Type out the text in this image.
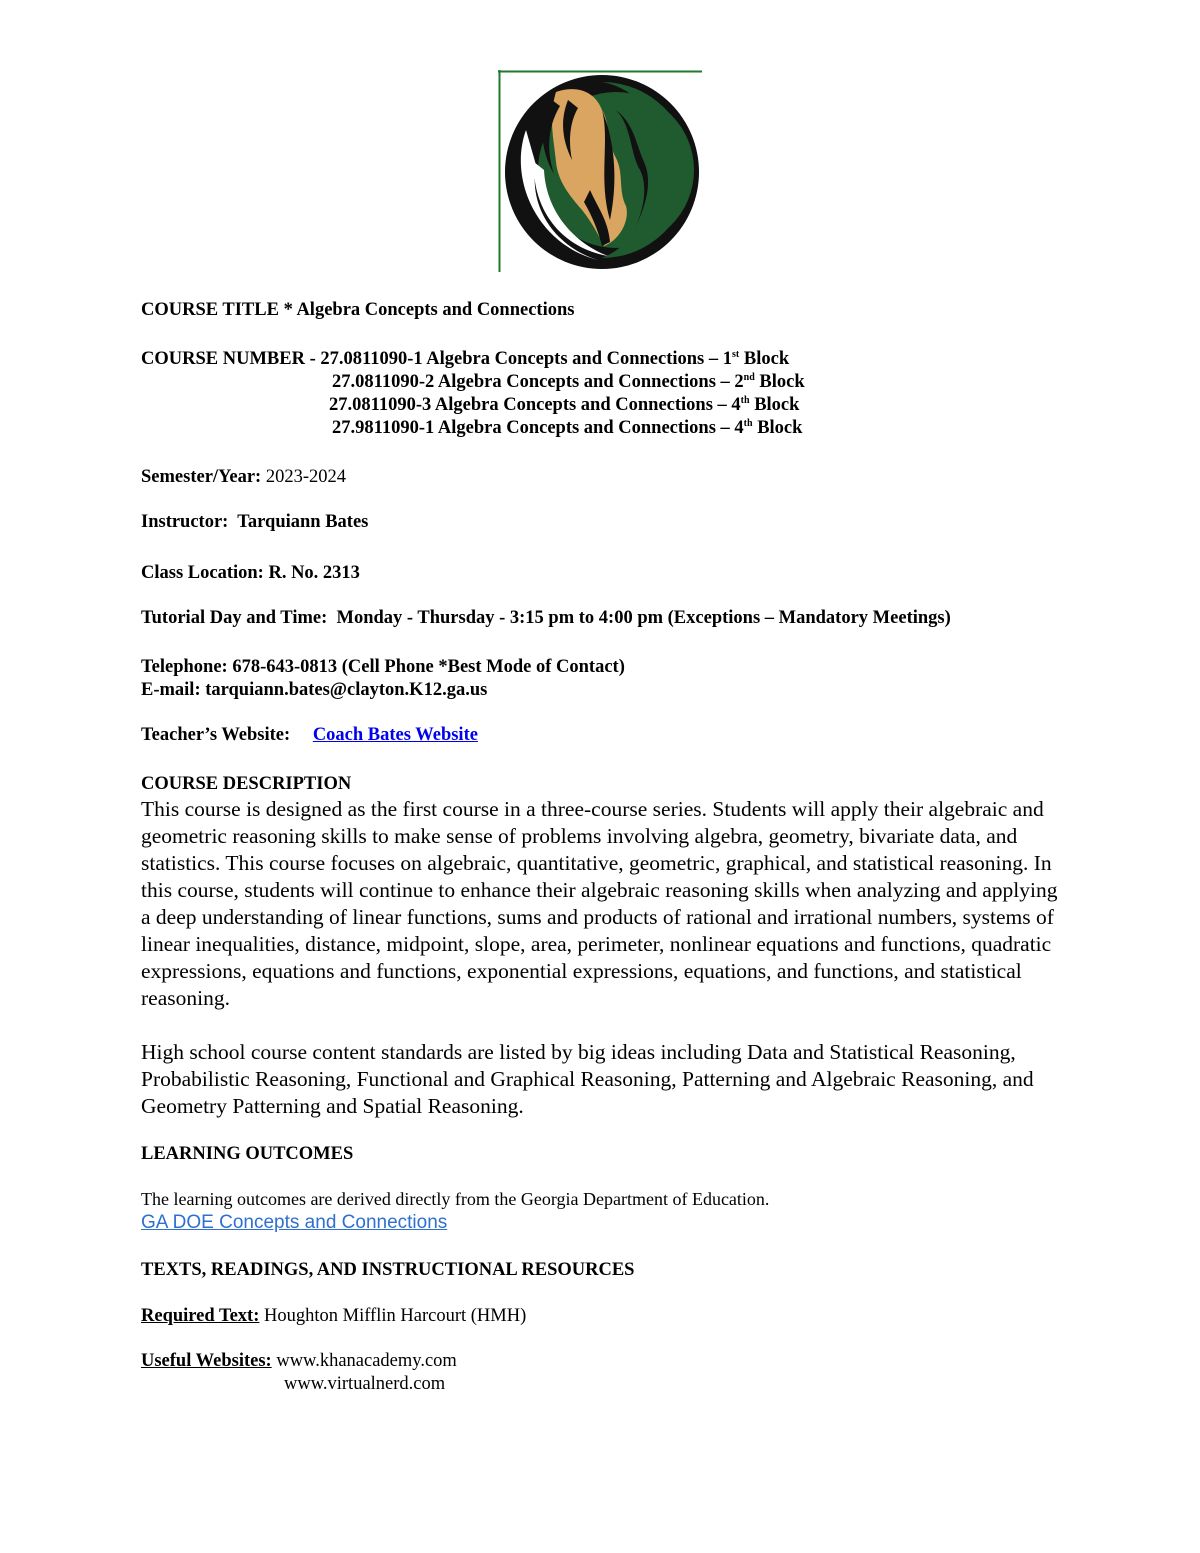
COURSE TITLE * Algebra Concepts and Connections
COURSE NUMBER - 27.0811090-1 Algebra Concepts and Connections – 1st Block
27.0811090-2 Algebra Concepts and Connections – 2nd Block
27.0811090-3 Algebra Concepts and Connections – 4th Block
27.9811090-1 Algebra Concepts and Connections – 4th Block
Semester/Year: 2023-2024
Instructor: Tarquiann Bates
Class Location: R. No. 2313
Tutorial Day and Time: Monday - Thursday - 3:15 pm to 4:00 pm (Exceptions – Mandatory Meetings)
Telephone: 678-643-0813 (Cell Phone *Best Mode of Contact)
E-mail: tarquiann.bates@clayton.K12.ga.us
Teacher’s Website: Coach Bates Website
COURSE DESCRIPTION

This course is designed as the first course in a three-course series. Students will apply their algebraic and geometric reasoning skills to make sense of problems involving algebra, geometry, bivariate data, and statistics. This course focuses on algebraic, quantitative, geometric, graphical, and statistical reasoning. In this course, students will continue to enhance their algebraic reasoning skills when analyzing and applying a deep understanding of linear functions, sums and products of rational and irrational numbers, systems of linear inequalities, distance, midpoint, slope, area, perimeter, nonlinear equations and functions, quadratic expressions, equations and functions, exponential expressions, equations, and functions, and statistical reasoning.

High school course content standards are listed by big ideas including Data and Statistical Reasoning, Probabilistic Reasoning, Functional and Graphical Reasoning, Patterning and Algebraic Reasoning, and Geometry Patterning and Spatial Reasoning.

LEARNING OUTCOMES
The learning outcomes are derived directly from the Georgia Department of Education.
GA DOE Concepts and Connections
TEXTS, READINGS, AND INSTRUCTIONAL RESOURCES
Required Text: Houghton Mifflin Harcourt (HMH)
Useful Websites: www.khanacademy.com
www.virtualnerd.com
